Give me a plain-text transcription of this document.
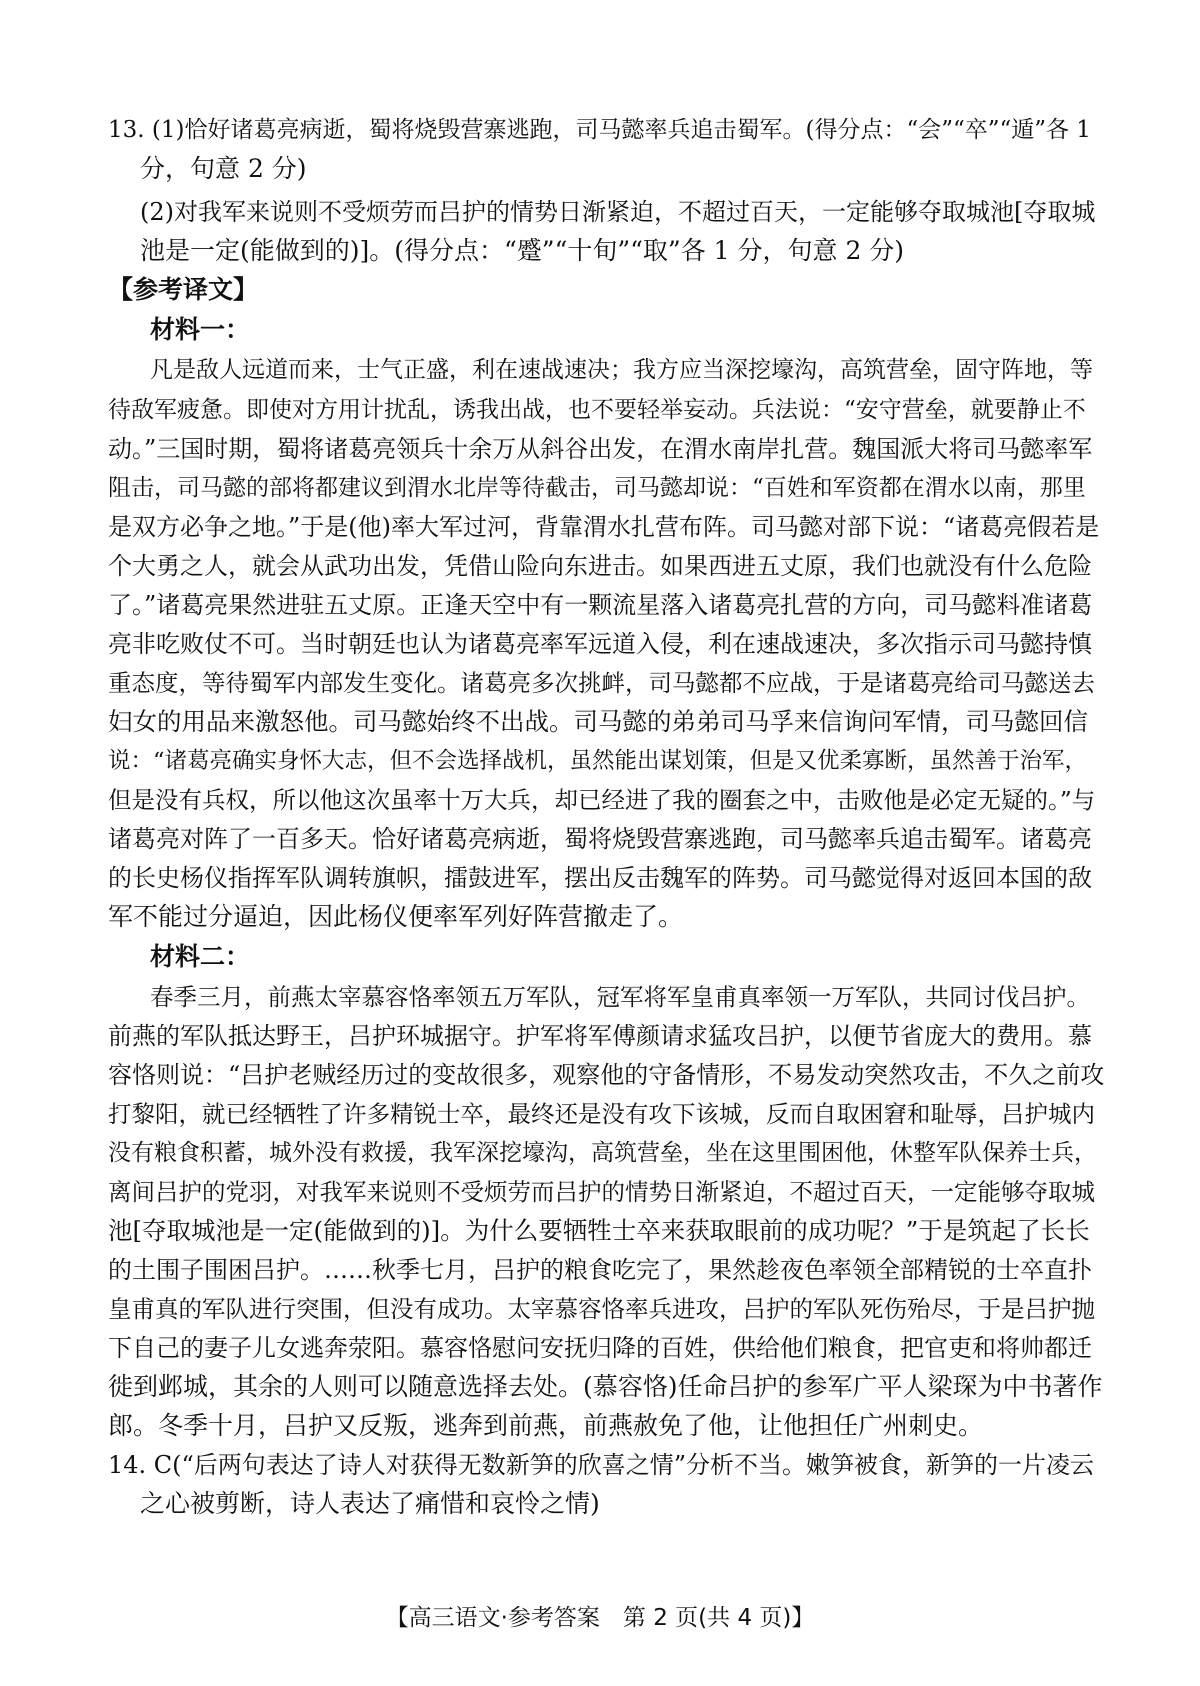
13. (1)恰好诸葛亮病逝，蜀将烧毁营寨逃跑，司马懿率兵追击蜀军。(得分点：“会”“卒”“遁”各 1
分，句意 2 分)
(2)对我军来说则不受烦劳而吕护的情势日渐紧迫，不超过百天，一定能够夺取城池[夺取城
池是一定(能做到的)]。(得分点：“蹙”“十旬”“取”各 1 分，句意 2 分)
【参考译文】
材料一：
凡是敌人远道而来，士气正盛，利在速战速决；我方应当深挖壕沟，高筑营垒，固守阵地，等
待敌军疲惫。即使对方用计扰乱，诱我出战，也不要轻举妄动。兵法说：“安守营垒，就要静止不
动。”三国时期，蜀将诸葛亮领兵十余万从斜谷出发，在渭水南岸扎营。魏国派大将司马懿率军
阻击，司马懿的部将都建议到渭水北岸等待截击，司马懿却说：“百姓和军资都在渭水以南，那里
是双方必争之地。”于是(他)率大军过河，背靠渭水扎营布阵。司马懿对部下说：“诸葛亮假若是
个大勇之人，就会从武功出发，凭借山险向东进击。如果西进五丈原，我们也就没有什么危险
了。”诸葛亮果然进驻五丈原。正逢天空中有一颗流星落入诸葛亮扎营的方向，司马懿料准诸葛
亮非吃败仗不可。当时朝廷也认为诸葛亮率军远道入侵，利在速战速决，多次指示司马懿持慎
重态度，等待蜀军内部发生变化。诸葛亮多次挑衅，司马懿都不应战，于是诸葛亮给司马懿送去
妇女的用品来激怒他。司马懿始终不出战。司马懿的弟弟司马孚来信询问军情，司马懿回信
说：“诸葛亮确实身怀大志，但不会选择战机，虽然能出谋划策，但是又优柔寡断，虽然善于治军，
但是没有兵权，所以他这次虽率十万大兵，却已经进了我的圈套之中，击败他是必定无疑的。”与
诸葛亮对阵了一百多天。恰好诸葛亮病逝，蜀将烧毁营寨逃跑，司马懿率兵追击蜀军。诸葛亮
的长史杨仪指挥军队调转旗帜，擂鼓进军，摆出反击魏军的阵势。司马懿觉得对返回本国的敌
军不能过分逼迫，因此杨仪便率军列好阵营撤走了。
材料二：
春季三月，前燕太宰慕容恪率领五万军队，冠军将军皇甫真率领一万军队，共同讨伐吕护。
前燕的军队抵达野王，吕护环城据守。护军将军傅颜请求猛攻吕护，以便节省庞大的费用。慕
容恪则说：“吕护老贼经历过的变故很多，观察他的守备情形，不易发动突然攻击，不久之前攻
打黎阳，就已经牺牲了许多精锐士卒，最终还是没有攻下该城，反而自取困窘和耻辱，吕护城内
没有粮食积蓄，城外没有救援，我军深挖壕沟，高筑营垒，坐在这里围困他，休整军队保养士兵，
离间吕护的党羽，对我军来说则不受烦劳而吕护的情势日渐紧迫，不超过百天，一定能够夺取城
池[夺取城池是一定(能做到的)]。为什么要牺牲士卒来获取眼前的成功呢？”于是筑起了长长
的土围子围困吕护。……秋季七月，吕护的粮食吃完了，果然趁夜色率领全部精锐的士卒直扑
皇甫真的军队进行突围，但没有成功。太宰慕容恪率兵进攻，吕护的军队死伤殆尽，于是吕护抛
下自己的妻子儿女逃奔荥阳。慕容恪慰问安抚归降的百姓，供给他们粮食，把官吏和将帅都迁
徙到邺城，其余的人则可以随意选择去处。(慕容恪)任命吕护的参军广平人梁琛为中书著作
郎。冬季十月，吕护又反叛，逃奔到前燕，前燕赦免了他，让他担任广州刺史。
14. C(“后两句表达了诗人对获得无数新笋的欣喜之情”分析不当。嫩笋被食，新笋的一片凌云
之心被剪断，诗人表达了痛惜和哀怜之情)
【高三语文·参考答案　第 2 页(共 4 页)】
